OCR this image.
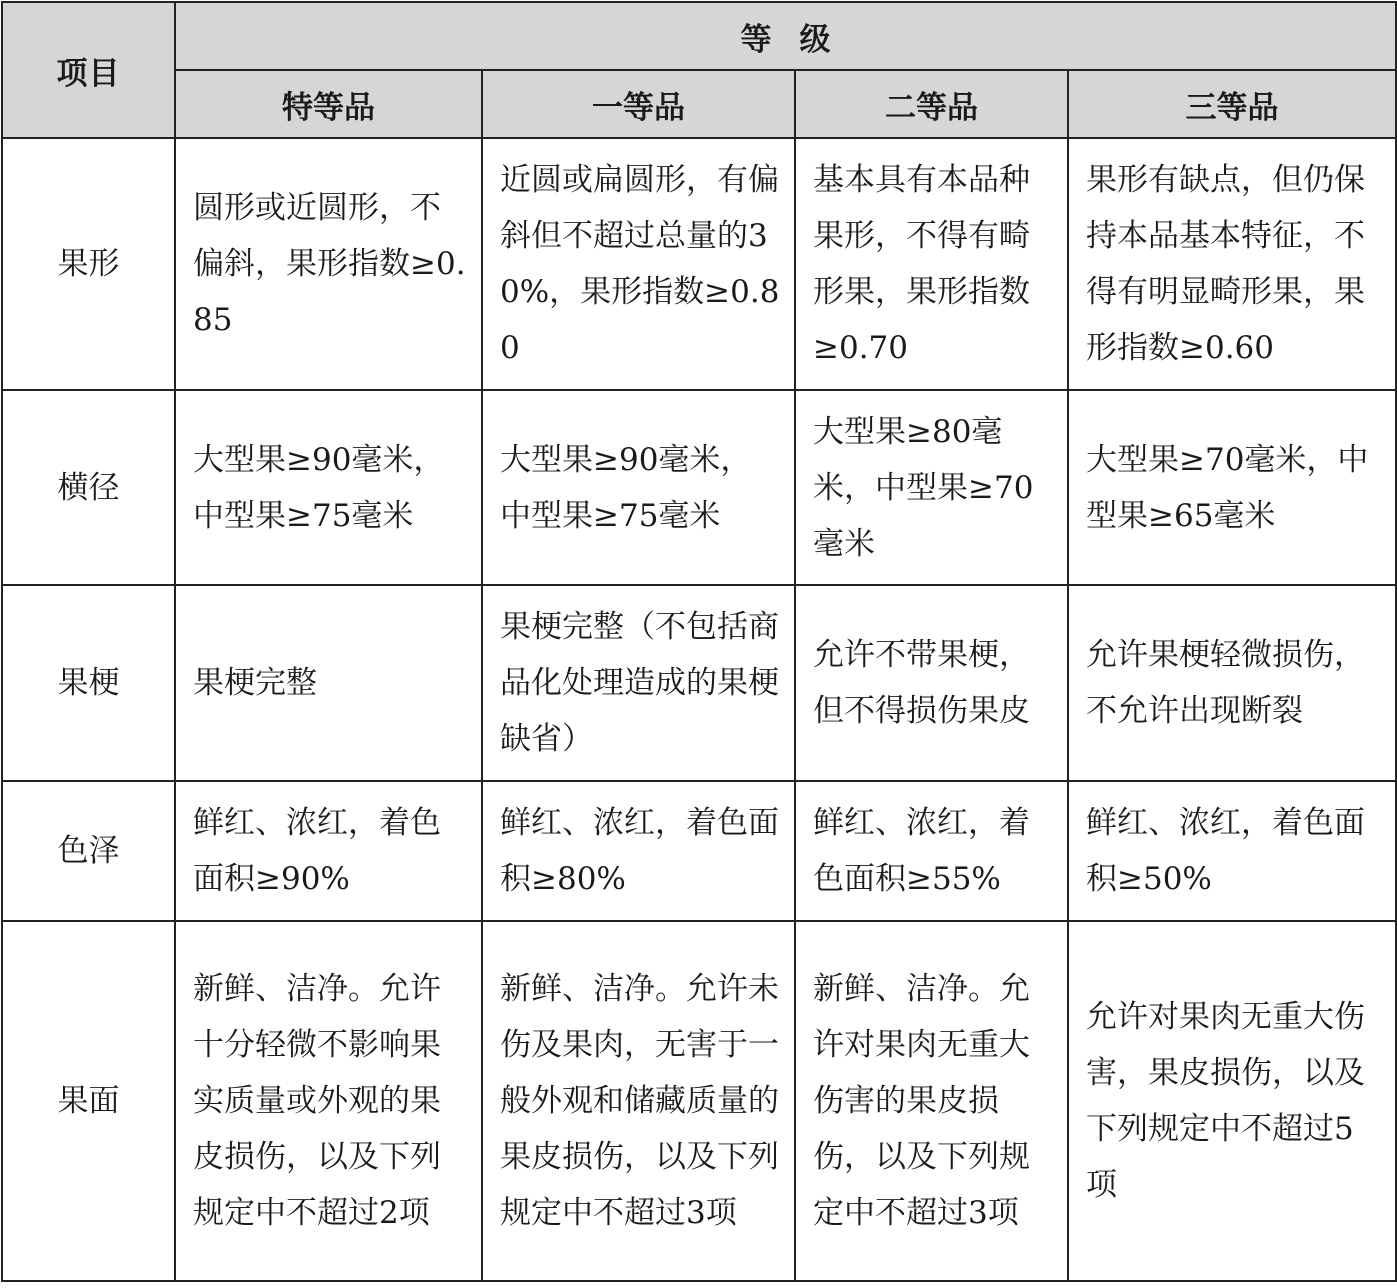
项目	等级			
	特等品	一等品	二等品	三等品
果形	圆形或近圆形，不偏斜，果形指数≥0.85	近圆或扁圆形，有偏斜但不超过总量的30%，果形指数≥0.80	基本具有本品种果形，不得有畸形果，果形指数≥0.70	果形有缺点，但仍保持本品基本特征，不得有明显畸形果，果形指数≥0.60
横径	大型果≥90毫米，中型果≥75毫米	大型果≥90毫米，中型果≥75毫米	大型果≥80毫米，中型果≥70毫米	大型果≥70毫米，中型果≥65毫米
果梗	果梗完整	果梗完整（不包括商品化处理造成的果梗缺省）	允许不带果梗，但不得损伤果皮	允许果梗轻微损伤，不允许出现断裂
色泽	鲜红、浓红，着色面积≥90%	鲜红、浓红，着色面积≥80%	鲜红、浓红，着色面积≥55%	鲜红、浓红，着色面积≥50%
果面	新鲜、洁净。允许十分轻微不影响果实质量或外观的果皮损伤，以及下列规定中不超过2项	新鲜、洁净。允许未伤及果肉，无害于一般外观和储藏质量的果皮损伤，以及下列规定中不超过3项	新鲜、洁净。允许对果肉无重大伤害的果皮损伤，以及下列规定中不超过3项	允许对果肉无重大伤害，果皮损伤，以及下列规定中不超过5项
